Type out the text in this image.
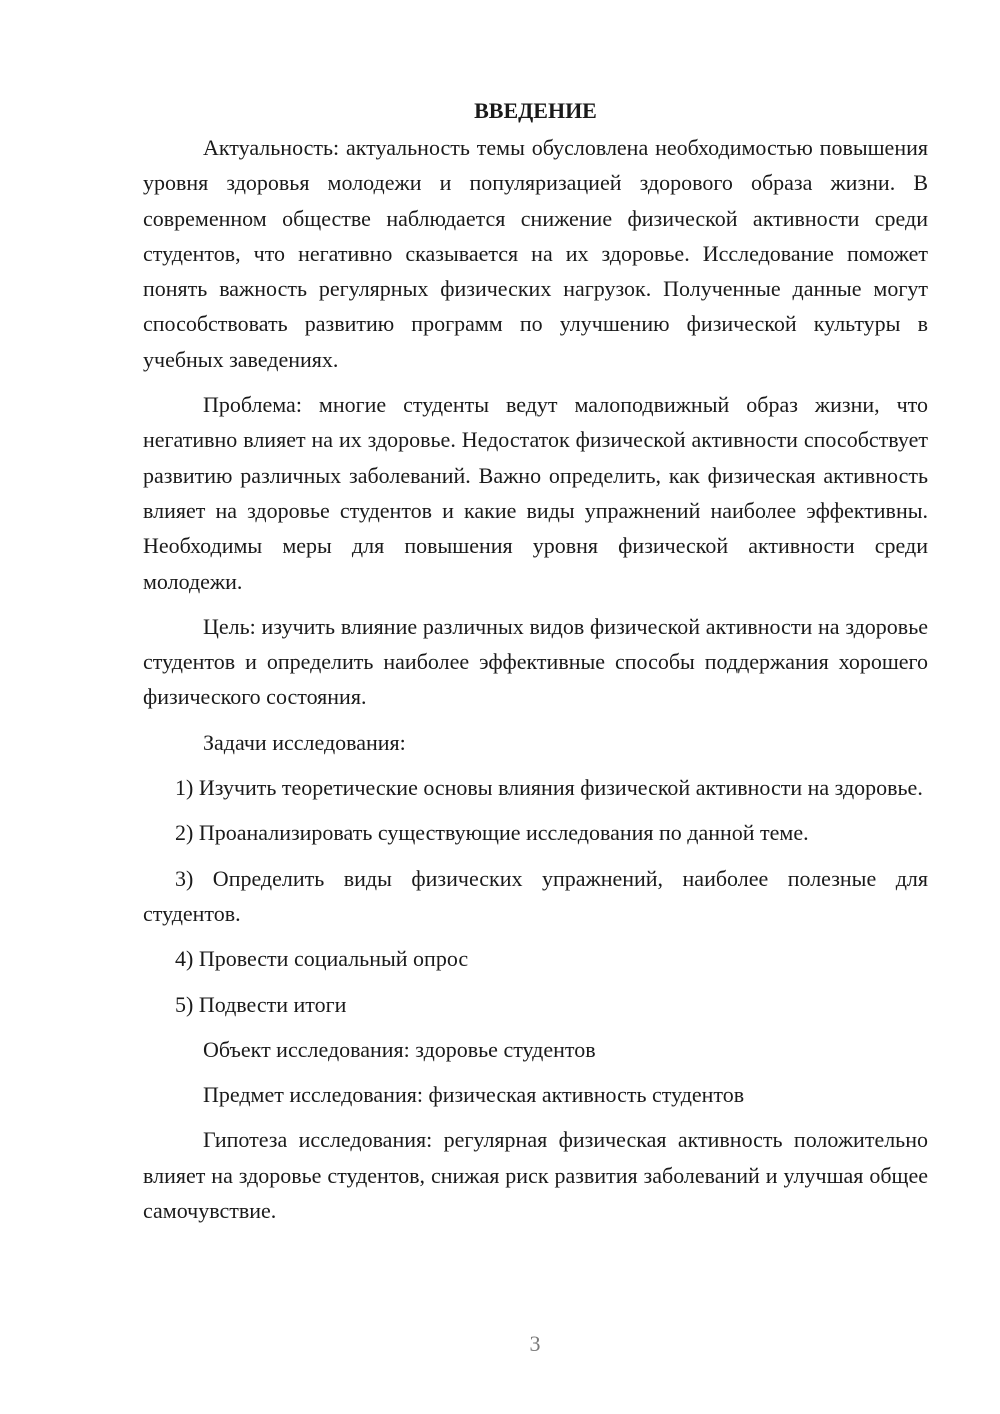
ВВЕДЕНИЕ

Актуальность: актуальность темы обусловлена необходимостью повышения уровня здоровья молодежи и популяризацией здорового образа жизни. В современном обществе наблюдается снижение физической активности среди студентов, что негативно сказывается на их здоровье. Исследование поможет понять важность регулярных физических нагрузок. Полученные данные могут способствовать развитию программ по улучшению физической культуры в учебных заведениях.

Проблема: многие студенты ведут малоподвижный образ жизни, что негативно влияет на их здоровье. Недостаток физической активности способствует развитию различных заболеваний. Важно определить, как физическая активность влияет на здоровье студентов и какие виды упражнений наиболее эффективны. Необходимы меры для повышения уровня физической активности среди молодежи.

Цель: изучить влияние различных видов физической активности на здоровье студентов и определить наиболее эффективные способы поддержания хорошего физического состояния.

Задачи исследования:

1) Изучить теоретические основы влияния физической активности на здоровье.

2) Проанализировать существующие исследования по данной теме.

3) Определить виды физических упражнений, наиболее полезные для студентов.

4) Провести социальный опрос

5) Подвести итоги

Объект исследования: здоровье студентов

Предмет исследования: физическая активность студентов

Гипотеза исследования: регулярная физическая активность положительно влияет на здоровье студентов, снижая риск развития заболеваний и улучшая общее самочувствие.

3
